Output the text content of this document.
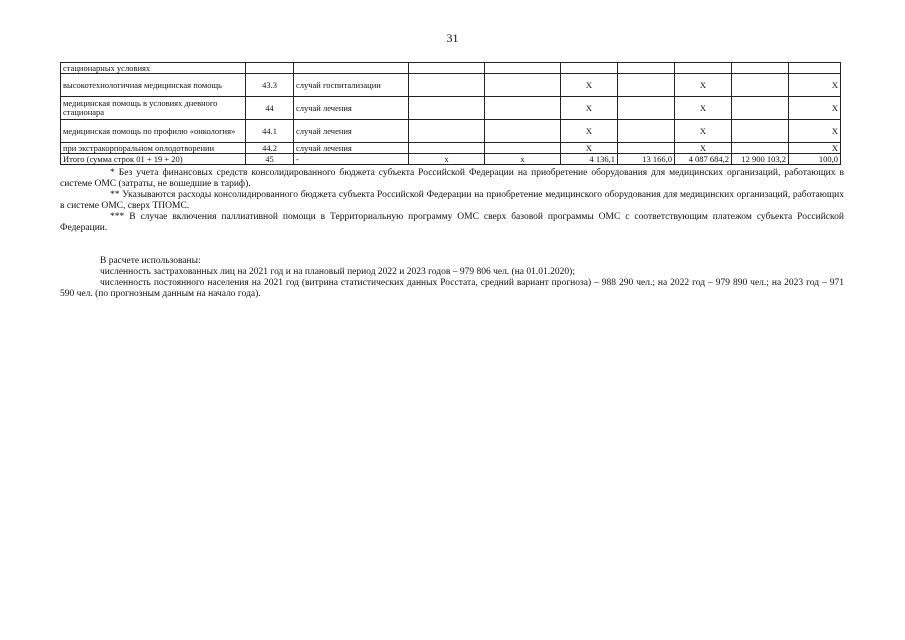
31
стационарных условиях									
высокотехнологичная медицинская помощь	43.3	случай госпитализации			Х		Х		Х
медицинская помощь в условиях дневного стационара	44	случай лечения			Х		Х		Х
медицинская помощь по профилю «онкология»	44.1	случай лечения			Х		Х		Х
при экстракорпоральном оплодотворении	44.2	случай лечения			Х		Х		Х
Итого (сумма строк 01 + 19 + 20)	45	-	х	х	4 136,1	13 166,0	4 087 684,2	12 900 103,2	100,0

* Без учета финансовых средств консолидированного бюджета субъекта Российской Федерации на приобретение оборудования для медицинских организаций, работающих в системе ОМС (затраты, не вошедшие в тариф).

** Указываются расходы консолидированного бюджета субъекта Российской Федерации на приобретение медицинского оборудования для медицинских организаций, работающих в системе ОМС, сверх ТПОМС.

*** В случае включения паллиативной помощи в Территориальную программу ОМС сверх базовой программы ОМС с соответствующим платежом субъекта Российской Федерации.

В расчете использованы:

численность застрахованных лиц на 2021 год и на плановый период 2022 и 2023 годов – 979 806 чел. (на 01.01.2020);

численность постоянного населения на 2021 год (витрина статистических данных Росстата, средний вариант прогноза) – 988 290 чел.; на 2022 год – 979 890 чел.; на 2023 год – 971 590 чел. (по прогнозным данным на начало года).
